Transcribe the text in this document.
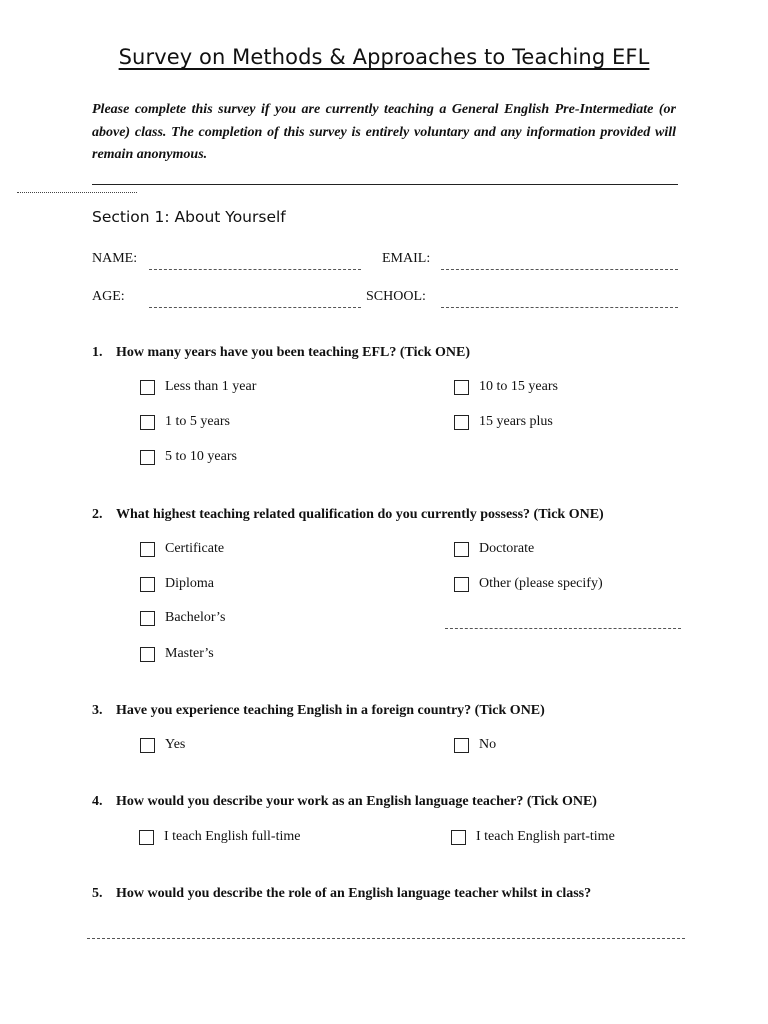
Survey on Methods & Approaches to Teaching EFL
Please complete this survey if you are currently teaching a General English Pre-Intermediate (or above) class. The completion of this survey is entirely voluntary and any information provided will remain anonymous.
Section 1: About Yourself
NAME:	EMAIL:
AGE:	SCHOOL:
1. How many years have you been teaching EFL? (Tick ONE)
Less than 1 year
1 to 5 years
5 to 10 years
10 to 15 years
15 years plus
2. What highest teaching related qualification do you currently possess? (Tick ONE)
Certificate
Diploma
Bachelor’s
Master’s
Doctorate
Other (please specify)
3. Have you experience teaching English in a foreign country? (Tick ONE)
Yes	No
4. How would you describe your work as an English language teacher? (Tick ONE)
I teach English full-time	I teach English part-time
5. How would you describe the role of an English language teacher whilst in class?
